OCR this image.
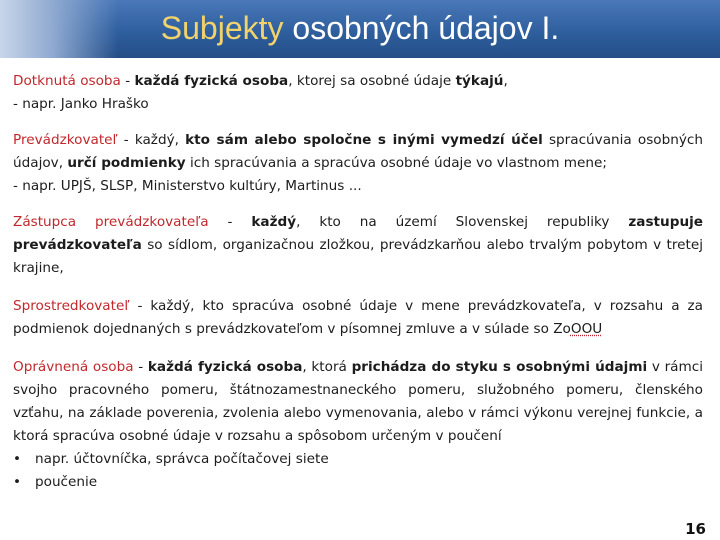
Subjekty osobných údajov I.

Dotknutá osoba - každá fyzická osoba, ktorej sa osobné údaje týkajú,

- napr. Janko Hraško

Prevádzkovateľ - každý, kto sám alebo spoločne s inými vymedzí účel spracúvania osobných údajov, určí podmienky ich spracúvania a spracúva osobné údaje vo vlastnom mene;

- napr. UPJŠ, SLSP, Ministerstvo kultúry, Martinus ...

Zástupca prevádzkovateľa - každý, kto na území Slovenskej republiky zastupuje prevádzkovateľa so sídlom, organizačnou zložkou, prevádzkarňou alebo trvalým pobytom v tretej krajine,

Sprostredkovateľ - každý, kto spracúva osobné údaje v mene prevádzkovateľa, v rozsahu a za podmienok dojednaných s prevádzkovateľom v písomnej zmluve a v súlade so ZoOOU

Oprávnená osoba - každá fyzická osoba, ktorá prichádza do styku s osobnými údajmi v rámci svojho pracovného pomeru, štátnozamestnaneckého pomeru, služobného pomeru, členského vzťahu, na základe poverenia, zvolenia alebo vymenovania, alebo v rámci výkonu verejnej funkcie, a ktorá spracúva osobné údaje v rozsahu a spôsobom určeným v poučení

•	napr. účtovníčka, správca počítačovej siete
•	poučenie
16
